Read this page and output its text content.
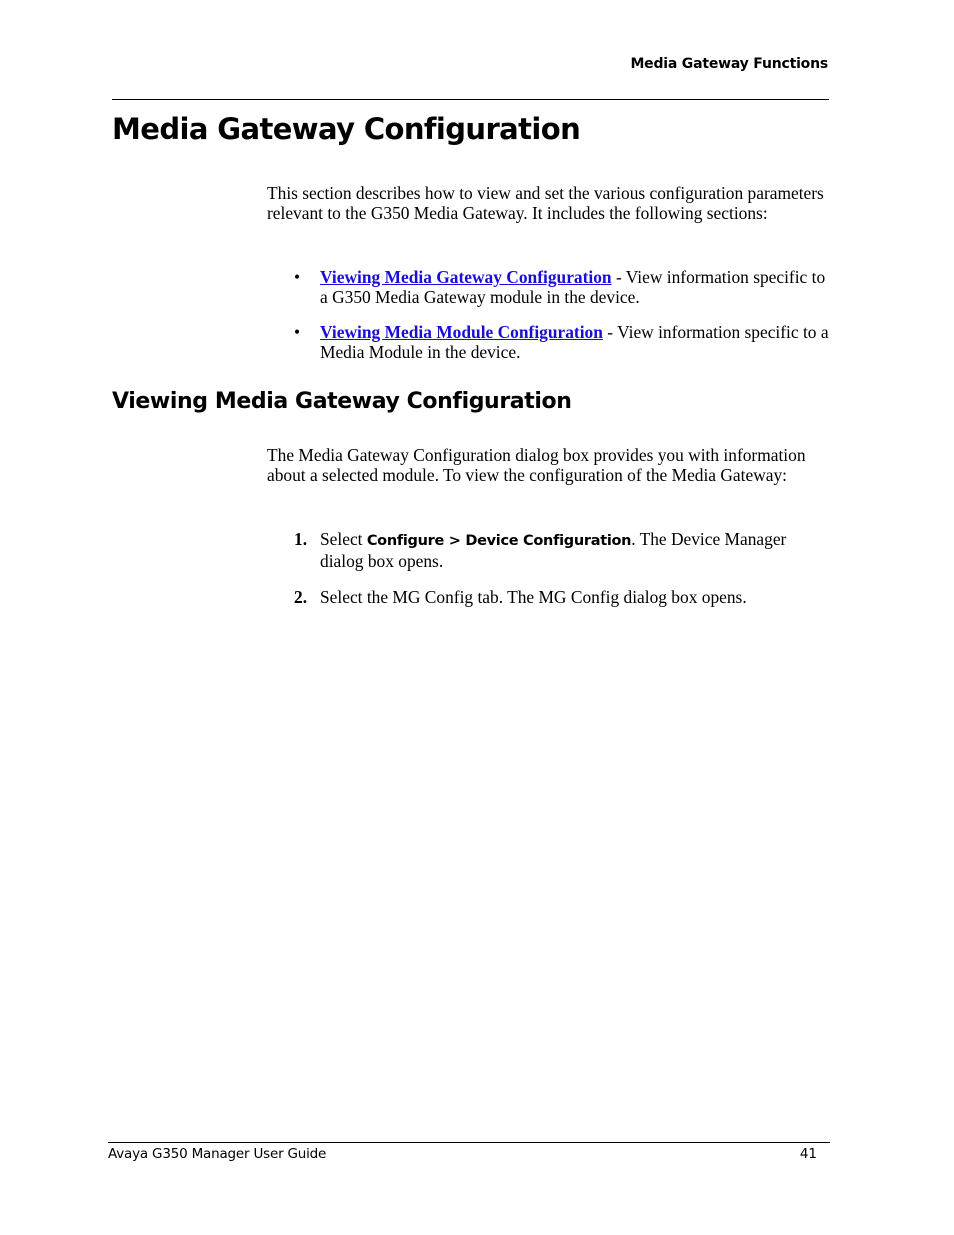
Media Gateway Functions
Media Gateway Configuration

This section describes how to view and set the various configuration parameters relevant to the G350 Media Gateway. It includes the following sections:

• Viewing Media Gateway Configuration - View information specific to a G350 Media Gateway module in the device.
• Viewing Media Module Configuration - View information specific to a Media Module in the device.
Viewing Media Gateway Configuration

The Media Gateway Configuration dialog box provides you with information about a selected module. To view the configuration of the Media Gateway:

1. Select Configure > Device Configuration. The Device Manager dialog box opens.
2. Select the MG Config tab. The MG Config dialog box opens.
Avaya G350 Manager User Guide	41
